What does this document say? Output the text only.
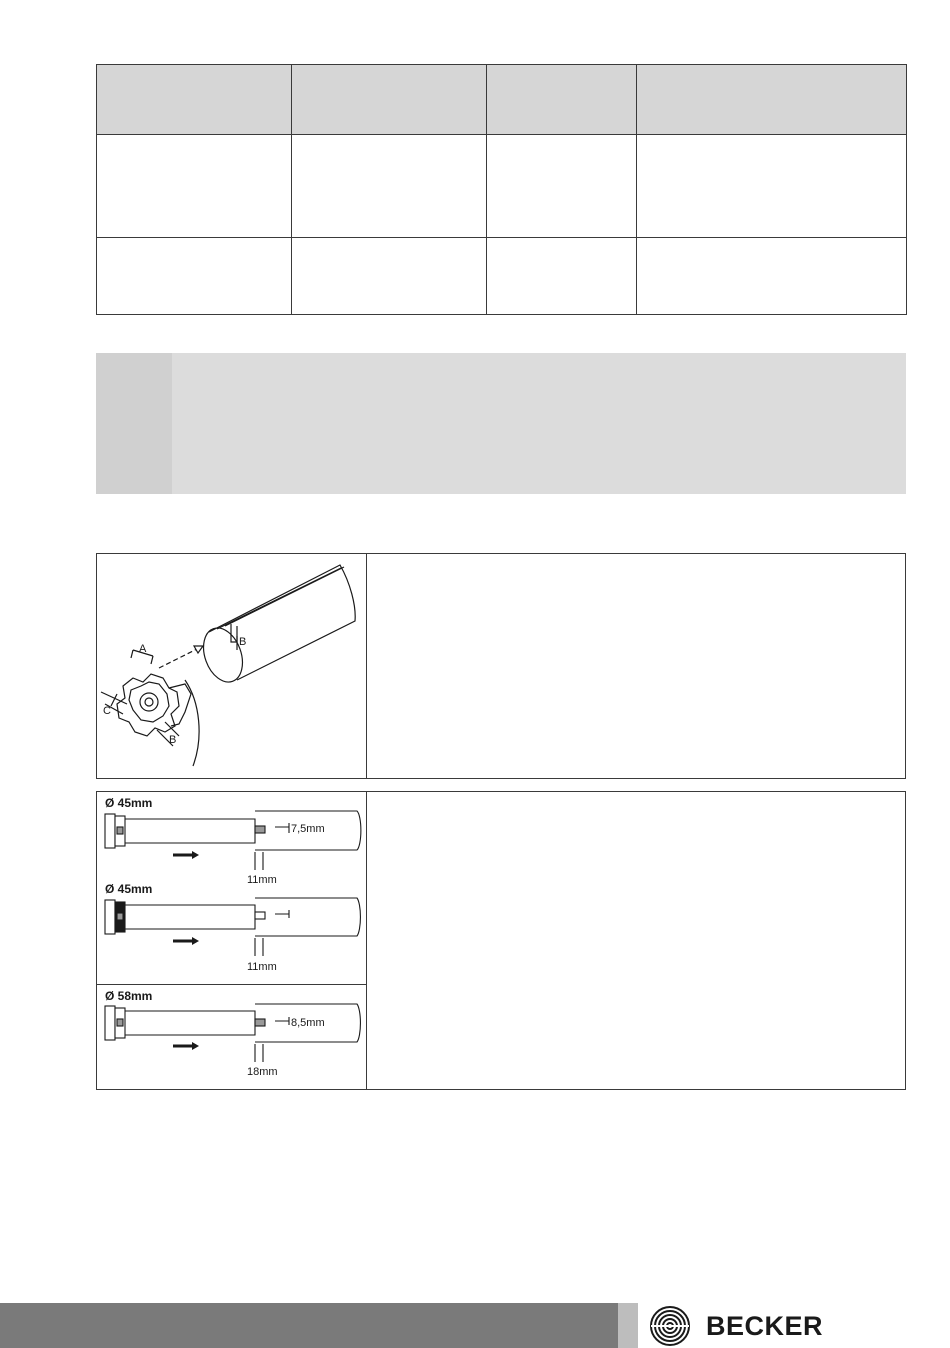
A
C
B
B
Ø 45mm
7,5mm
11mm
Ø 45mm
11mm
Ø 58mm
8,5mm
18mm
BECKER
